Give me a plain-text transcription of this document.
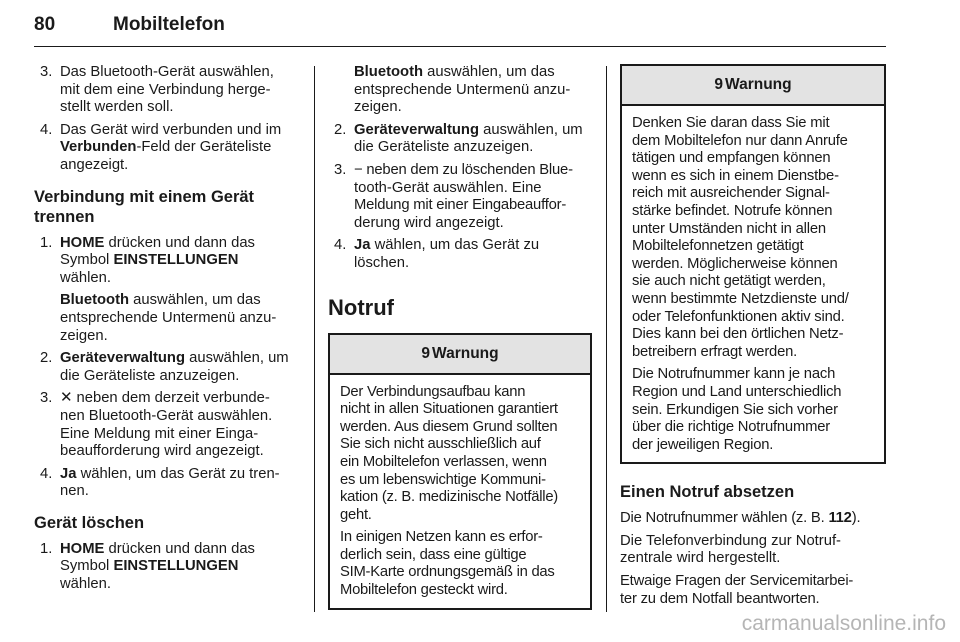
80	Mobiltelefon
3. Das Bluetooth-Gerät auswählen,
mit dem eine Verbindung herge-
stellt werden soll.
4. Das Gerät wird verbunden und im
Verbunden-Feld der Geräteliste
angezeigt.
Verbindung mit einem Gerät
trennen
1. HOME drücken und dann das
Symbol EINSTELLUNGEN
wählen.
Bluetooth auswählen, um das
entsprechende Untermenü anzu-
zeigen.
2. Geräteverwaltung auswählen, um
die Geräteliste anzuzeigen.
3. ✕ neben dem derzeit verbunde-
nen Bluetooth-Gerät auswählen.
Eine Meldung mit einer Einga-
beaufforderung wird angezeigt.
4. Ja wählen, um das Gerät zu tren-
nen.
Gerät löschen
1. HOME drücken und dann das
Symbol EINSTELLUNGEN
wählen.
Bluetooth auswählen, um das
entsprechende Untermenü anzu-
zeigen.
2. Geräteverwaltung auswählen, um
die Geräteliste anzuzeigen.
3. − neben dem zu löschenden Blue-
tooth-Gerät auswählen. Eine
Meldung mit einer Eingabeauffor-
derung wird angezeigt.
4. Ja wählen, um das Gerät zu
löschen.
Notruf
9 Warnung
Der Verbindungsaufbau kann
nicht in allen Situationen garantiert
werden. Aus diesem Grund sollten
Sie sich nicht ausschließlich auf
ein Mobiltelefon verlassen, wenn
es um lebenswichtige Kommuni-
kation (z. B. medizinische Notfälle)
geht.
In einigen Netzen kann es erfor-
derlich sein, dass eine gültige
SIM-Karte ordnungsgemäß in das
Mobiltelefon gesteckt wird.
9 Warnung
Denken Sie daran dass Sie mit
dem Mobiltelefon nur dann Anrufe
tätigen und empfangen können
wenn es sich in einem Dienstbe-
reich mit ausreichender Signal-
stärke befindet. Notrufe können
unter Umständen nicht in allen
Mobiltelefonnetzen getätigt
werden. Möglicherweise können
sie auch nicht getätigt werden,
wenn bestimmte Netzdienste und/
oder Telefonfunktionen aktiv sind.
Dies kann bei den örtlichen Netz-
betreibern erfragt werden.
Die Notrufnummer kann je nach
Region und Land unterschiedlich
sein. Erkundigen Sie sich vorher
über die richtige Notrufnummer
der jeweiligen Region.
Einen Notruf absetzen
Die Notrufnummer wählen (z. B. 112).
Die Telefonverbindung zur Notruf-
zentrale wird hergestellt.
Etwaige Fragen der Servicemitarbei-
ter zu dem Notfall beantworten.
carmanualsonline.info
